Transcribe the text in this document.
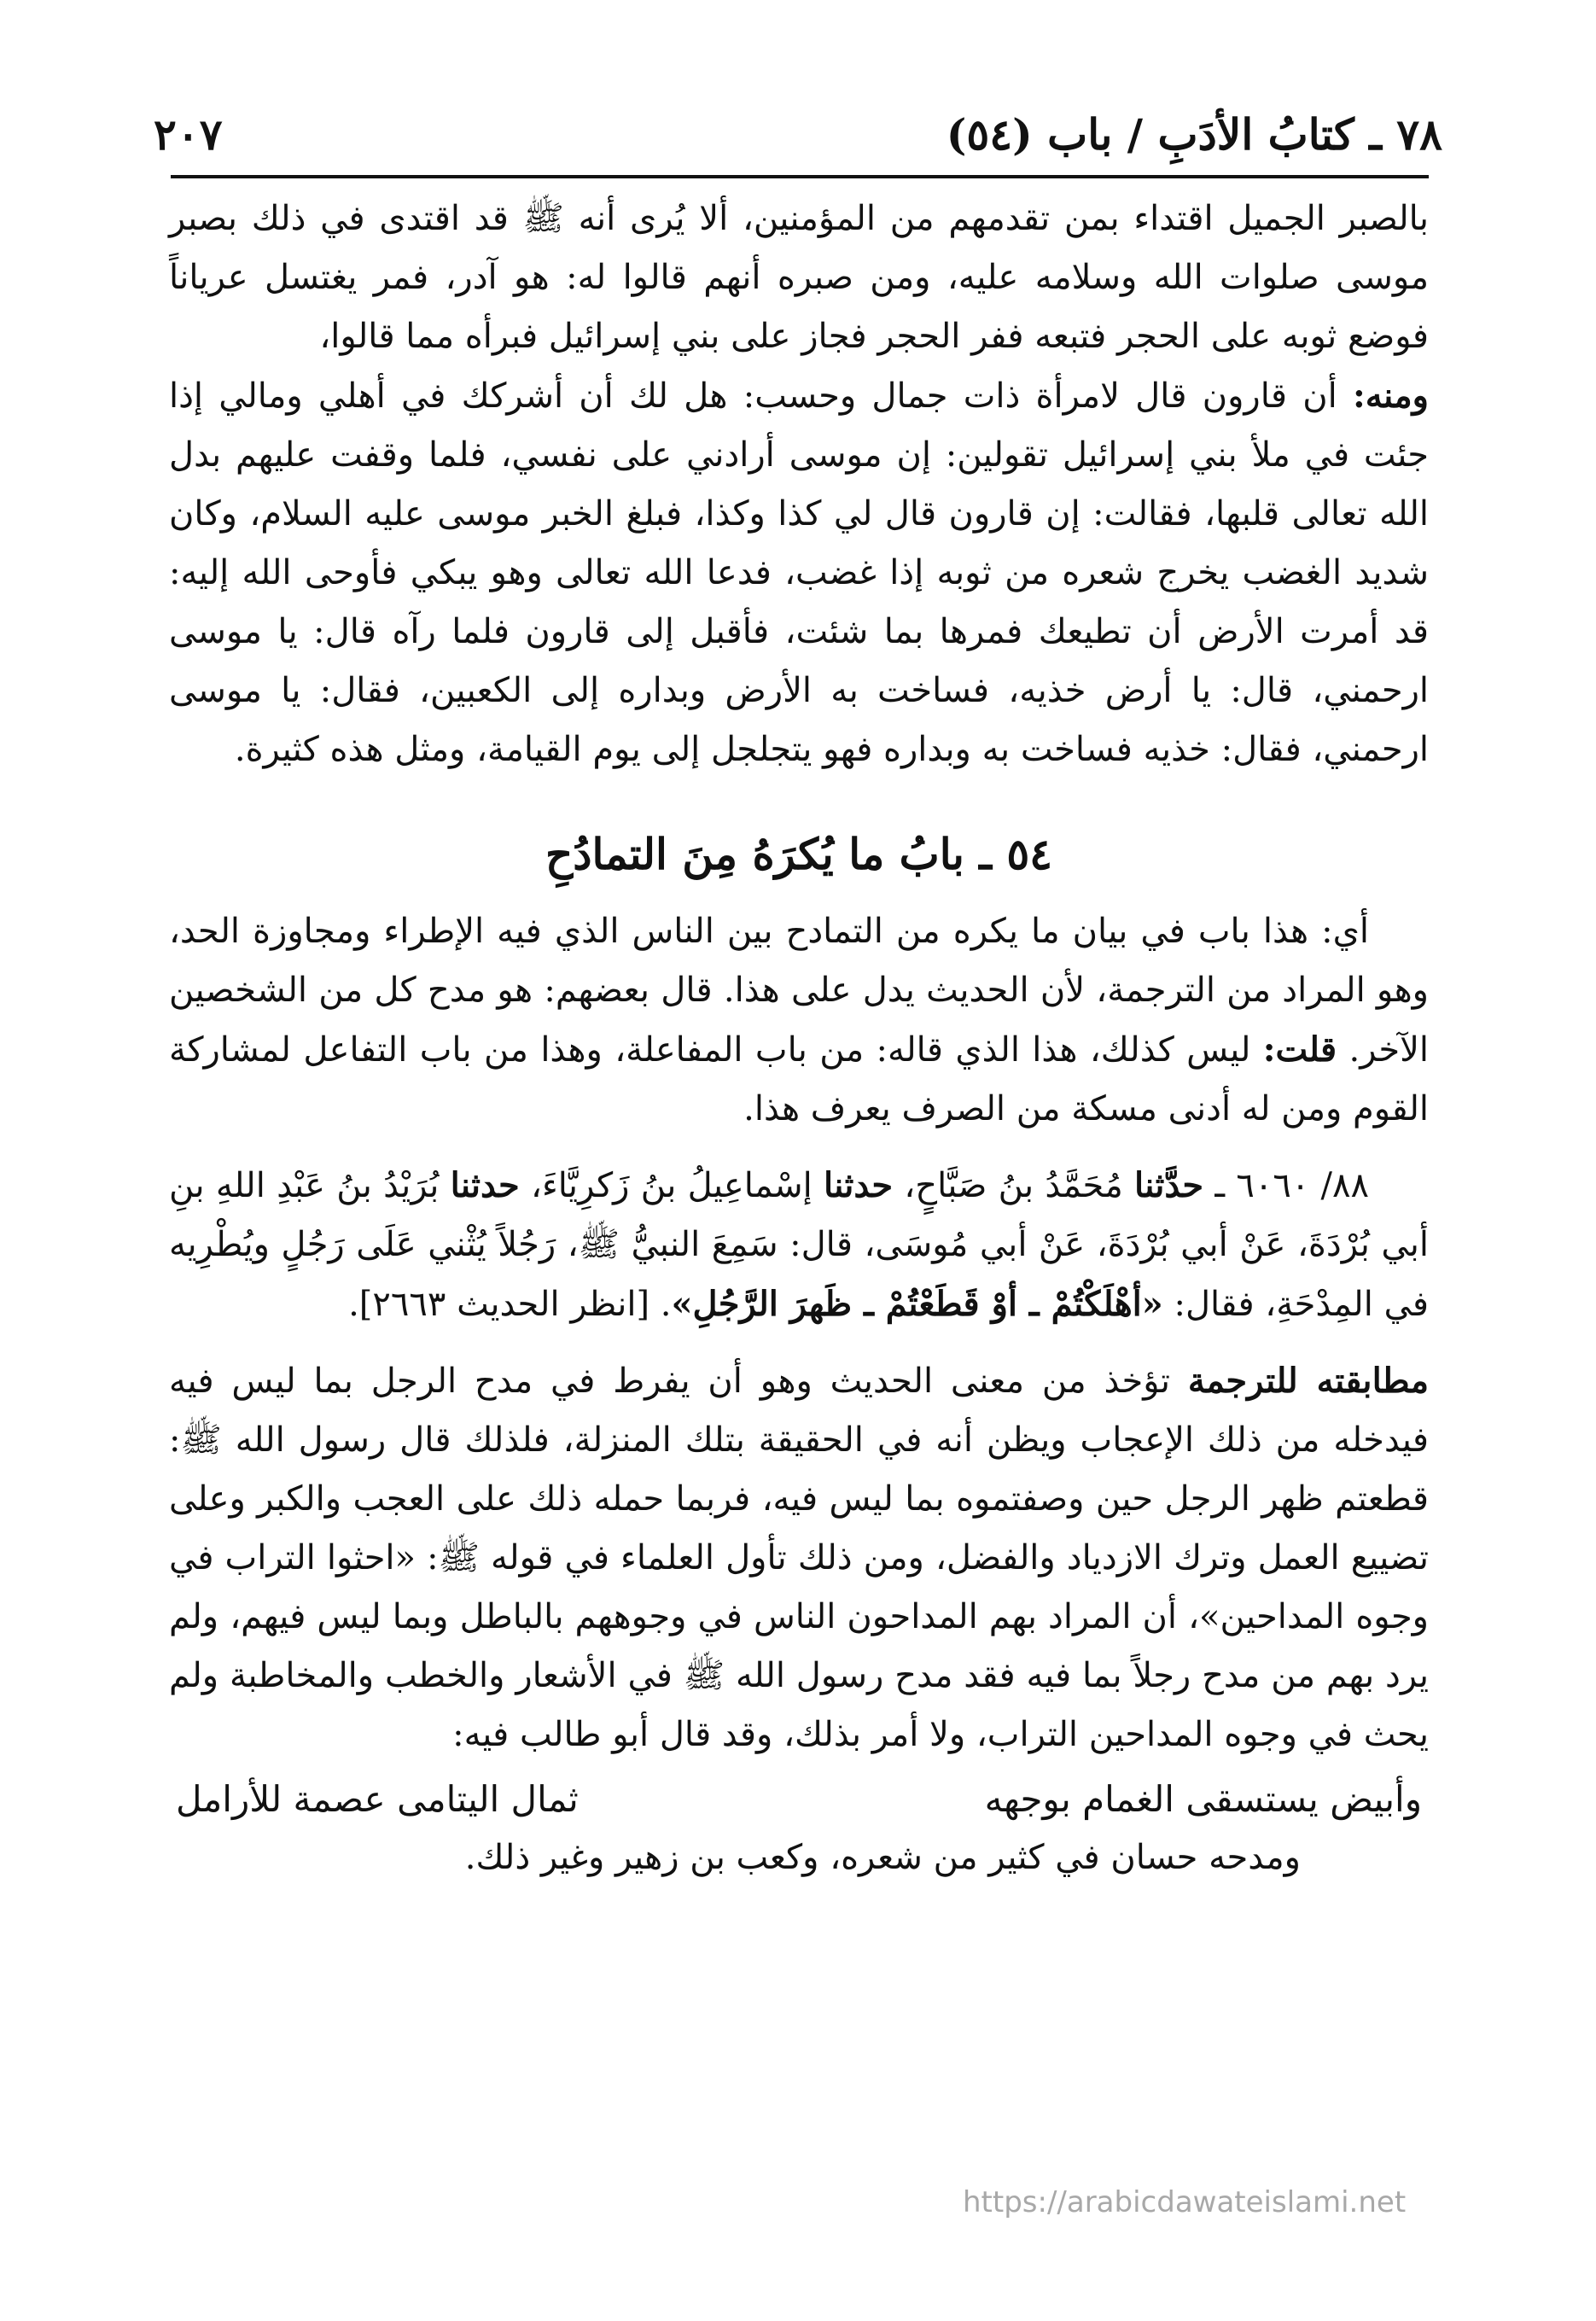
٧٨ ـ كتابُ الأدَبِ / باب (٥٤)
٢٠٧

بالصبر الجميل اقتداء بمن تقدمهم من المؤمنين، ألا يُرى أنه ﷺ قد اقتدى في ذلك بصبر موسى صلوات الله وسلامه عليه، ومن صبره أنهم قالوا له: هو آدر، فمر يغتسل عرياناً فوضع ثوبه على الحجر فتبعه ففر الحجر فجاز على بني إسرائيل فبرأه مما قالوا،

ومنه: أن قارون قال لامرأة ذات جمال وحسب: هل لك أن أشركك في أهلي ومالي إذا جئت في ملأ بني إسرائيل تقولين: إن موسى أرادني على نفسي، فلما وقفت عليهم بدل الله تعالى قلبها، فقالت: إن قارون قال لي كذا وكذا، فبلغ الخبر موسى عليه السلام، وكان شديد الغضب يخرج شعره من ثوبه إذا غضب، فدعا الله تعالى وهو يبكي فأوحى الله إليه: قد أمرت الأرض أن تطيعك فمرها بما شئت، فأقبل إلى قارون فلما رآه قال: يا موسى ارحمني، قال: يا أرض خذيه، فساخت به الأرض وبداره إلى الكعبين، فقال: يا موسى ارحمني، فقال: خذيه فساخت به وبداره فهو يتجلجل إلى يوم القيامة، ومثل هذه كثيرة.

٥٤ ـ بابُ ما يُكرَهُ مِنَ التمادُحِ

أي: هذا باب في بيان ما يكره من التمادح بين الناس الذي فيه الإطراء ومجاوزة الحد، وهو المراد من الترجمة، لأن الحديث يدل على هذا. قال بعضهم: هو مدح كل من الشخصين الآخر. قلت: ليس كذلك، هذا الذي قاله: من باب المفاعلة، وهذا من باب التفاعل لمشاركة القوم ومن له أدنى مسكة من الصرف يعرف هذا.

٨٨/ ٦٠٦٠ ـ حدَّثنا مُحَمَّدُ بنُ صَبَّاحٍ، حدثنا إسْماعِيلُ بنُ زَكرِيَّاءَ، حدثنا بُرَيْدُ بنُ عَبْدِ اللهِ بنِ أبي بُرْدَةَ، عَنْ أبي بُرْدَةَ، عَنْ أبي مُوسَى، قال: سَمِعَ النبيُّ ﷺ، رَجُلاً يُثْني عَلَى رَجُلٍ ويُطْرِيه في المِدْحَةِ، فقال: «أهْلَكْتُمْ ـ أوْ قَطَعْتُمْ ـ ظَهرَ الرَّجُلِ». [انظر الحديث ٢٦٦٣].

مطابقته للترجمة تؤخذ من معنى الحديث وهو أن يفرط في مدح الرجل بما ليس فيه فيدخله من ذلك الإعجاب ويظن أنه في الحقيقة بتلك المنزلة، فلذلك قال رسول الله ﷺ: قطعتم ظهر الرجل حين وصفتموه بما ليس فيه، فربما حمله ذلك على العجب والكبر وعلى تضييع العمل وترك الازدياد والفضل، ومن ذلك تأول العلماء في قوله ﷺ: «احثوا التراب في وجوه المداحين»، أن المراد بهم المداحون الناس في وجوههم بالباطل وبما ليس فيهم، ولم يرد بهم من مدح رجلاً بما فيه فقد مدح رسول الله ﷺ في الأشعار والخطب والمخاطبة ولم يحث في وجوه المداحين التراب، ولا أمر بذلك، وقد قال أبو طالب فيه:

وأبيض يستسقى الغمام بوجهه
ثمال اليتامى عصمة للأرامل

ومدحه حسان في كثير من شعره، وكعب بن زهير وغير ذلك.

https://arabicdawateislami.net
